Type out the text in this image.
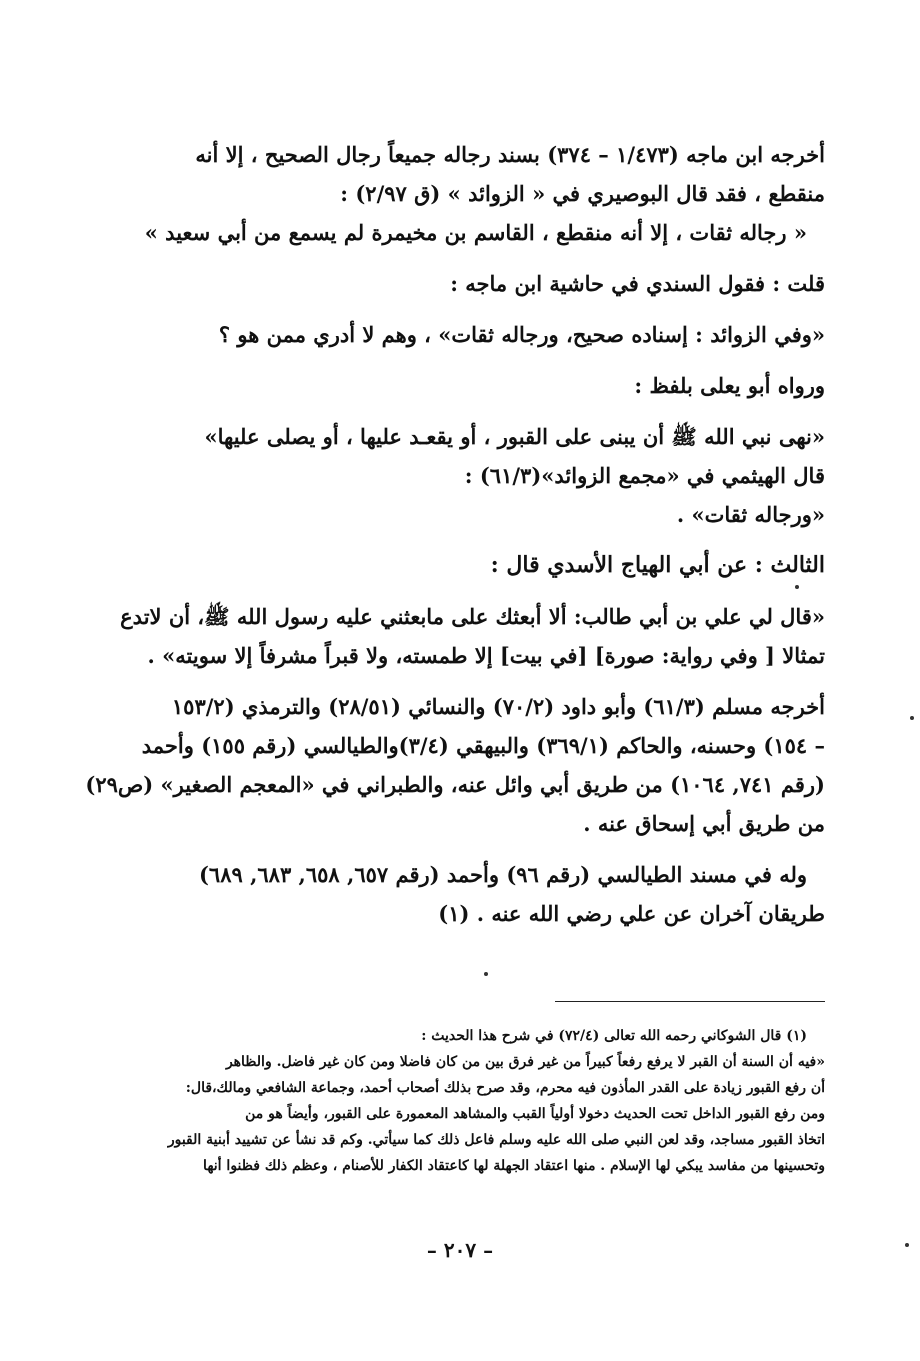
أخرجه ابن ماجه (١/٤٧٣ – ٣٧٤) بسند رجاله جميعاً رجال الصحيح ، إلا أنه
منقطع ، فقد قال البوصيري في « الزوائد » (ق ٢/٩٧) :
« رجاله ثقات ، إلا أنه منقطع ، القاسم بن مخيمرة لم يسمع من أبي سعيد »
قلت : فقول السندي في حاشية ابن ماجه :
«وفي الزوائد : إسناده صحيح، ورجاله ثقات» ، وهم لا أدري ممن هو ؟
ورواه أبو يعلى بلفظ :
«نهى نبي الله ﷺ أن يبنى على القبور ، أو يقعـد عليها ، أو يصلى عليها»
قال الهيثمي في «مجمع الزوائد»(٦١/٣) :
«ورجاله ثقات» .
الثالث : عن أبي الهياج الأسدي قال :
«قال لي علي بن أبي طالب: ألا أبعثك على مابعثني عليه رسول الله ﷺ، أن لاتدع
تمثالا [ وفي رواية: صورة] [في بيت] إلا طمسته، ولا قبراً مشرفاً إلا سويته» .
أخرجه مسلم (٦١/٣) وأبو داود (٧٠/٢) والنسائي (٢٨/٥١) والترمذي (١٥٣/٢
– ١٥٤) وحسنه، والحاكم (٣٦٩/١) والبيهقي (٣/٤)والطيالسي (رقم ١٥٥) وأحمد
(رقم ٧٤١, ١٠٦٤) من طريق أبي وائل عنه، والطبراني في «المعجم الصغير» (ص٢٩)
من طريق أبي إسحاق عنه .
وله في مسند الطيالسي (رقم ٩٦) وأحمد (رقم ٦٥٧, ٦٥٨, ٦٨٣, ٦٨٩)
طريقان آخران عن علي رضي الله عنه . (١)
(١) قال الشوكاني رحمه الله تعالى (٧٢/٤) في شرح هذا الحديث :
«فيه أن السنة أن القبر لا يرفع رفعاً كبيراً من غير فرق بين من كان فاضلا ومن كان غير فاضل. والظاهر
أن رفع القبور زيادة على القدر المأذون فيه محرم، وقد صرح بذلك أصحاب أحمد، وجماعة الشافعي ومالك،قال:
ومن رفع القبور الداخل تحت الحديث دخولا أولياً القبب والمشاهد المعمورة على القبور، وأيضاً هو من
اتخاذ القبور مساجد، وقد لعن النبي صلى الله عليه وسلم فاعل ذلك كما سيأتي. وكم قد نشأ عن تشييد أبنية القبور
وتحسينها من مفاسد يبكي لها الإسلام . منها اعتقاد الجهلة لها كاعتقاد الكفار للأصنام ، وعظم ذلك فظنوا أنها
– ٢٠٧ –
